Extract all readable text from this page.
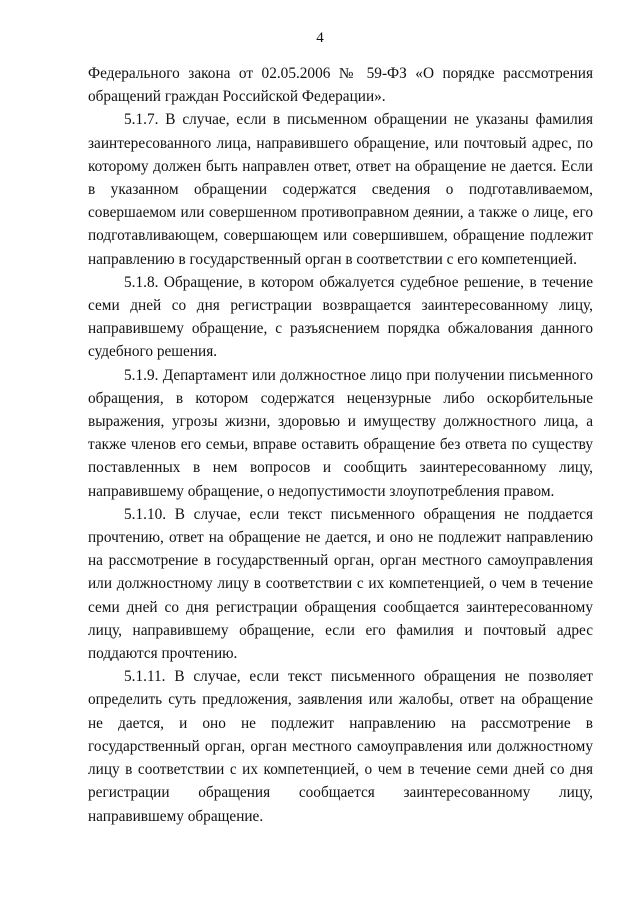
4

Федерального закона от 02.05.2006 № 59-ФЗ «О порядке рассмотрения обращений граждан Российской Федерации».

5.1.7. В случае, если в письменном обращении не указаны фамилия заинтересованного лица, направившего обращение, или почтовый адрес, по которому должен быть направлен ответ, ответ на обращение не дается. Если в указанном обращении содержатся сведения о подготавливаемом, совершаемом или совершенном противоправном деянии, а также о лице, его подготавливающем, совершающем или совершившем, обращение подлежит направлению в государственный орган в соответствии с его компетенцией.

5.1.8. Обращение, в котором обжалуется судебное решение, в течение семи дней со дня регистрации возвращается заинтересованному лицу, направившему обращение, с разъяснением порядка обжалования данного судебного решения.

5.1.9. Департамент или должностное лицо при получении письменного обращения, в котором содержатся нецензурные либо оскорбительные выражения, угрозы жизни, здоровью и имуществу должностного лица, а также членов его семьи, вправе оставить обращение без ответа по существу поставленных в нем вопросов и сообщить заинтересованному лицу, направившему обращение, о недопустимости злоупотребления правом.

5.1.10. В случае, если текст письменного обращения не поддается прочтению, ответ на обращение не дается, и оно не подлежит направлению на рассмотрение в государственный орган, орган местного самоуправления или должностному лицу в соответствии с их компетенцией, о чем в течение семи дней со дня регистрации обращения сообщается заинтересованному лицу, направившему обращение, если его фамилия и почтовый адрес поддаются прочтению.

5.1.11. В случае, если текст письменного обращения не позволяет определить суть предложения, заявления или жалобы, ответ на обращение не дается, и оно не подлежит направлению на рассмотрение в государственный орган, орган местного самоуправления или должностному лицу в соответствии с их компетенцией, о чем в течение семи дней со дня регистрации обращения сообщается заинтересованному лицу, направившему обращение.
